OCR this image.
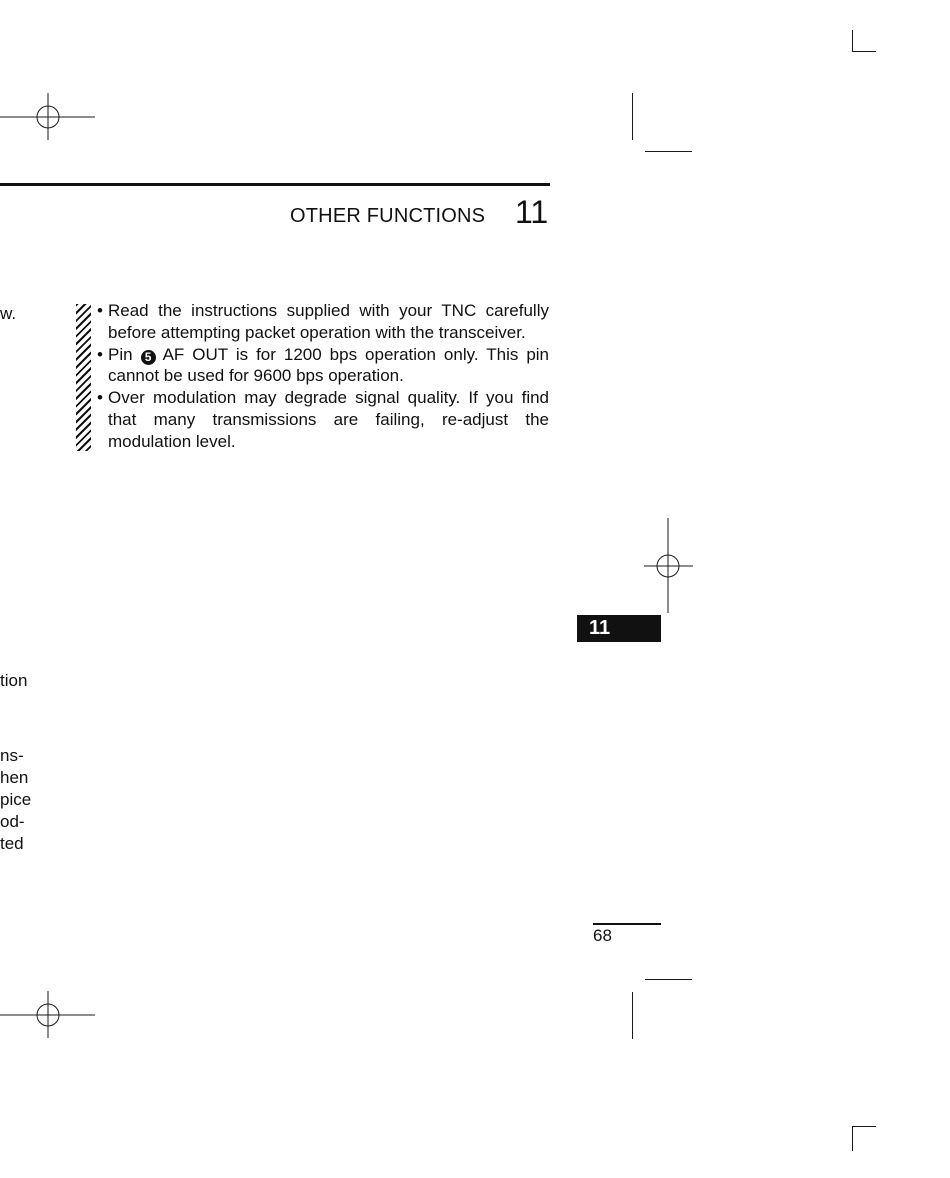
OTHER FUNCTIONS 11
• Read the instructions supplied with your TNC carefully before attempting packet operation with the transceiver.
• Pin 5 AF OUT is for 1200 bps operation only. This pin cannot be used for 9600 bps operation.
• Over modulation may degrade signal quality. If you find that many transmissions are failing, re-adjust the modulation level.
w.
tion
ns-
hen
pice
od-
ted
11
68
